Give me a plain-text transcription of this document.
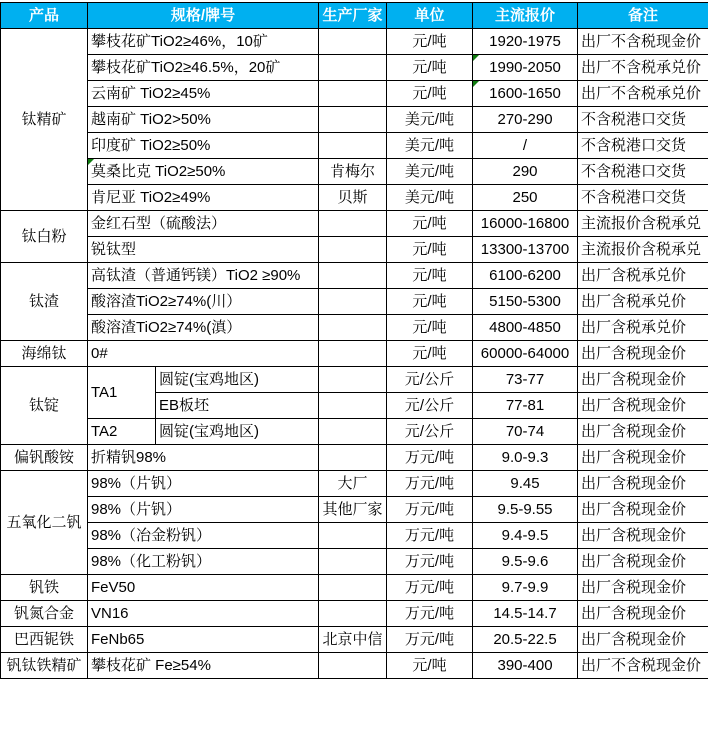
产品	规格/牌号		生产厂家	单位	主流报价	备注
钛精矿	攀枝花矿TiO2≥46%，10矿			元/吨	1920-1975	出厂不含税现金价
	攀枝花矿TiO2≥46.5%，20矿			元/吨	1990-2050	出厂不含税承兑价
	云南矿 TiO2≥45%			元/吨	1600-1650	出厂不含税承兑价
	越南矿 TiO2>50%			美元/吨	270-290	不含税港口交货
	印度矿 TiO2≥50%			美元/吨	/	不含税港口交货
	莫桑比克 TiO2≥50%		肯梅尔	美元/吨	290	不含税港口交货
	肯尼亚 TiO2≥49%		贝斯	美元/吨	250	不含税港口交货
钛白粉	金红石型（硫酸法）			元/吨	16000-16800	主流报价含税承兑
	锐钛型			元/吨	13300-13700	主流报价含税承兑
钛渣	高钛渣（普通钙镁）TiO2 ≥90%			元/吨	6100-6200	出厂含税承兑价
	酸溶渣TiO2≥74%(川）			元/吨	5150-5300	出厂含税承兑价
	酸溶渣TiO2≥74%(滇）			元/吨	4800-4850	出厂含税承兑价
海绵钛	0#			元/吨	60000-64000	出厂含税现金价
钛锭	TA1	圆锭(宝鸡地区)		元/公斤	73-77	出厂含税现金价
		EB板坯		元/公斤	77-81	出厂含税现金价
	TA2	圆锭(宝鸡地区)		元/公斤	70-74	出厂含税现金价
偏钒酸铵	折精钒98%			万元/吨	9.0-9.3	出厂含税现金价
五氧化二钒	98%（片钒）		大厂	万元/吨	9.45	出厂含税现金价
	98%（片钒）		其他厂家	万元/吨	9.5-9.55	出厂含税现金价
	98%（冶金粉钒）			万元/吨	9.4-9.5	出厂含税现金价
	98%（化工粉钒）			万元/吨	9.5-9.6	出厂含税现金价
钒铁	FeV50			万元/吨	9.7-9.9	出厂含税现金价
钒氮合金	VN16			万元/吨	14.5-14.7	出厂含税现金价
巴西铌铁	FeNb65		北京中信	万元/吨	20.5-22.5	出厂含税现金价
钒钛铁精矿	攀枝花矿 Fe≥54%			元/吨	390-400	出厂不含税现金价
